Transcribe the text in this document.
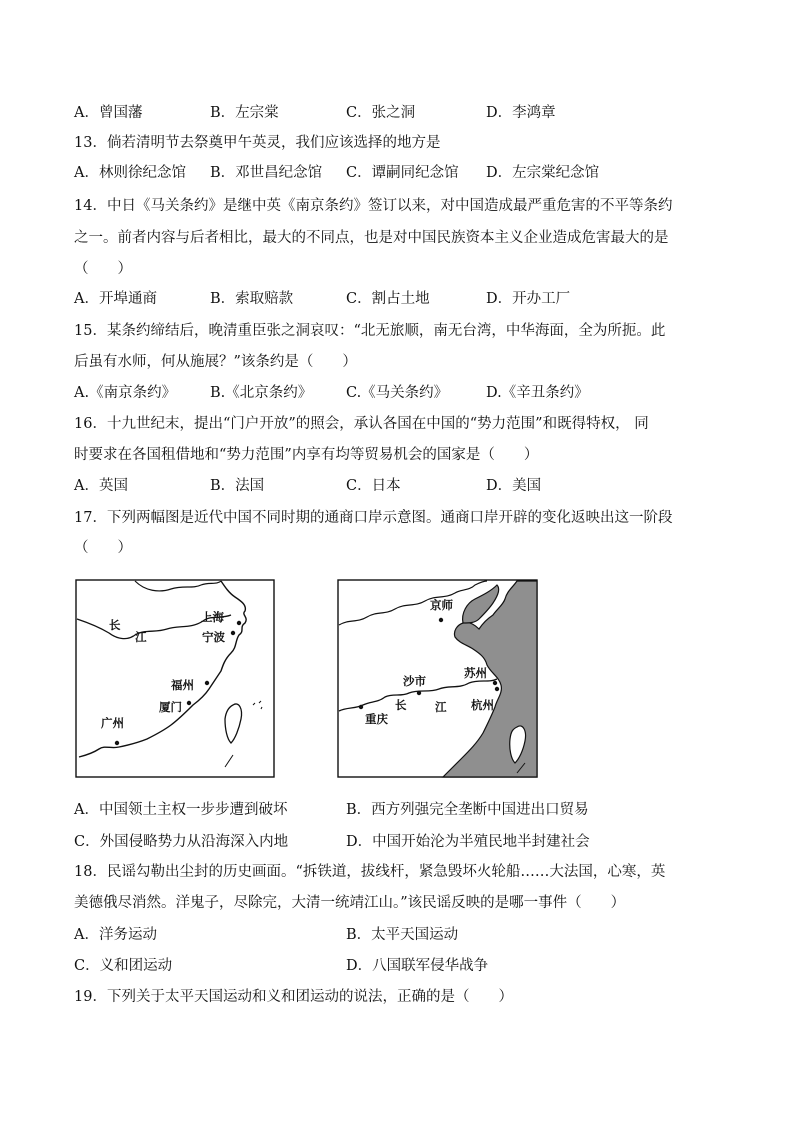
A．曾国藩	B．左宗棠	C．张之洞	D．李鸿章
13．倘若清明节去祭奠甲午英灵，我们应该选择的地方是
A．林则徐纪念馆 B．邓世昌纪念馆 C．谭嗣同纪念馆 D．左宗棠纪念馆
14．中日《马关条约》是继中英《南京条约》签订以来，对中国造成最严重危害的不平等条约
之一。前者内容与后者相比，最大的不同点，也是对中国民族资本主义企业造成危害最大的是
（　　）
A．开埠通商	B．索取赔款	C．割占土地	D．开办工厂
15．某条约缔结后，晚清重臣张之洞哀叹：“北无旅顺，南无台湾，中华海面，全为所扼。此
后虽有水师，何从施展？”该条约是（　　）
A.《南京条约》 B.《北京条约》 C.《马关条约》	D.《辛丑条约》
16．十九世纪末，提出“门户开放”的照会，承认各国在中国的“势力范围”和既得特权， 同
时要求在各国租借地和“势力范围”内享有均等贸易机会的国家是（　　）
A．英国	B．法国	C．日本	D．美国
17．下列两幅图是近代中国不同时期的通商口岸示意图。通商口岸开辟的变化返映出这一阶段
（　　）
长
江
上海
宁波
福州
厦门
广州
京师
苏州
沙市
长 江 杭州
重庆
A．中国领土主权一步步遭到破坏	B．西方列强完全垄断中国进出口贸易
C．外国侵略势力从沿海深入内地	D．中国开始沦为半殖民地半封建社会
18．民谣勾勒出尘封的历史画面。“拆铁道，拔线杆，紧急毁坏火轮船……大法国，心寒，英
美德俄尽消然。洋鬼子，尽除完，大清一统靖江山。”该民谣反映的是哪一事件（　　）
A．洋务运动	B．太平天国运动
C．义和团运动	D．八国联军侵华战争
19．下列关于太平天国运动和义和团运动的说法，正确的是（　　）
